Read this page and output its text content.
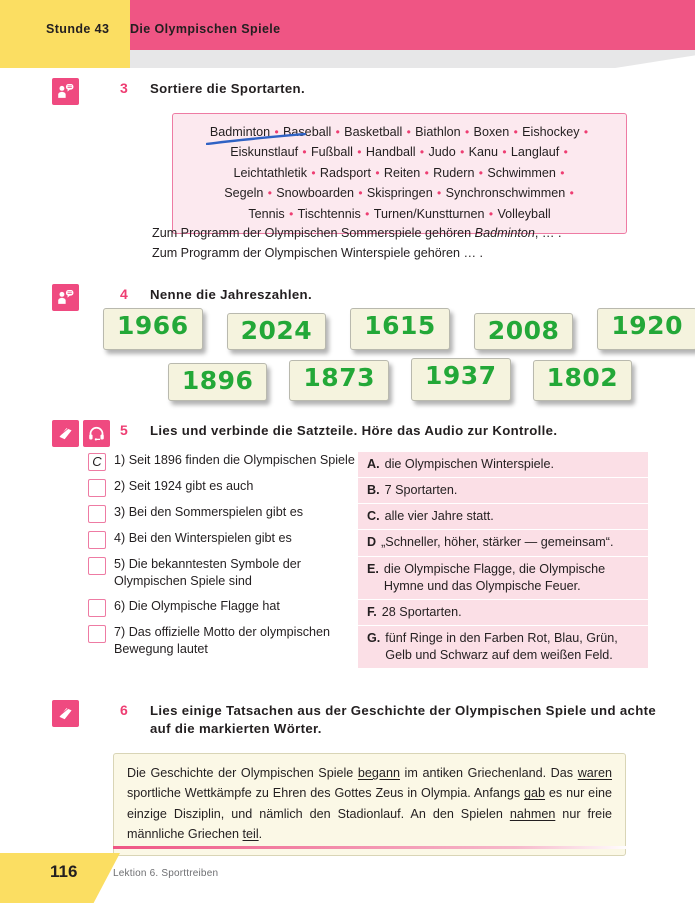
Stunde 43 Die Olympischen Spiele
3 Sortiere die Sportarten.
Badminton
• Baseball • Basketball • Biathlon • Boxen • Eishockey •
Eiskunstlauf • Fußball • Handball • Judo • Kanu • Langlauf •
Leichtathletik • Radsport • Reiten • Rudern • Schwimmen •
Segeln • Snowboarden • Skispringen • Synchronschwimmen •
Tennis • Tischtennis • Turnen/Kunstturnen • Volleyball
Zum Programm der Olympischen Sommerspiele gehören Badminton, … .
Zum Programm der Olympischen Winterspiele gehören … .
4 Nenne die Jahreszahlen.
1966	2024	1615	2008	1920
1896	1873	1937	1802
5 Lies und verbinde die Satzteile. Höre das Audio zur Kontrolle.
C 1) Seit 1896 finden die Olympischen Spiele
2) Seit 1924 gibt es auch
3) Bei den Sommerspielen gibt es
4) Bei den Winterspielen gibt es
5) Die bekanntesten Symbole der Olympischen Spiele sind
6) Die Olympische Flagge hat
7) Das offizielle Motto der olympischen Bewegung lautet
A. die Olympischen Winterspiele.
B. 7 Sportarten.
C. alle vier Jahre statt.
D „Schneller, höher, stärker — gemeinsam“.
E. die Olympische Flagge, die Olympische Hymne und das Olympische Feuer.
F. 28 Sportarten.
G. fünf Ringe in den Farben Rot, Blau, Grün, Gelb und Schwarz auf dem weißen Feld.
6 Lies einige Tatsachen aus der Geschichte der Olympischen Spiele und achte auf die markierten Wörter.
Die Geschichte der Olympischen Spiele begann im antiken Griechenland. Das waren sportliche Wettkämpfe zu Ehren des Gottes Zeus in Olympia. Anfangs gab es nur eine einzige Disziplin, und nämlich den Stadionlauf. An den Spielen nahmen nur freie männliche Griechen teil.
116	Lektion 6. Sporttreiben
